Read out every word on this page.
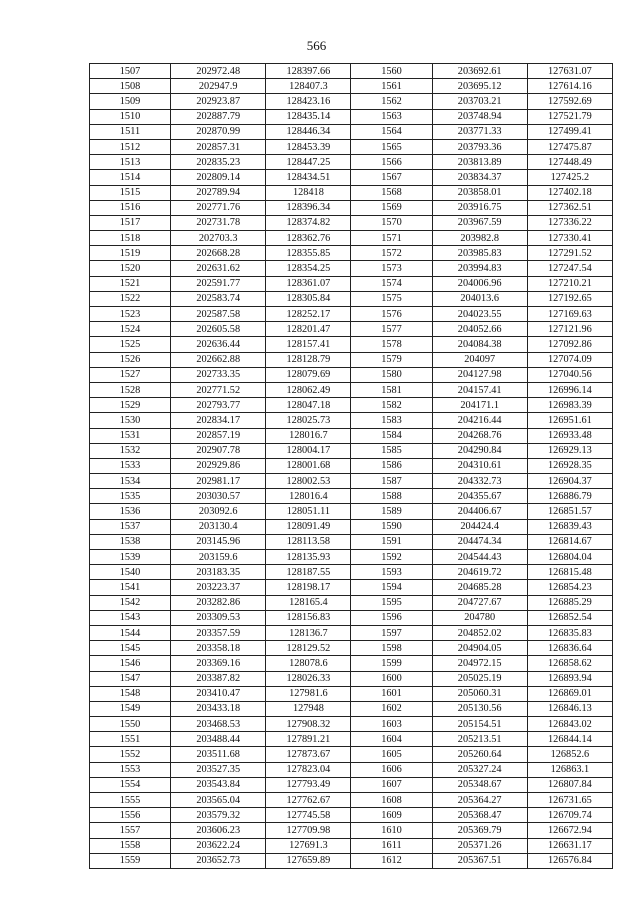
566
1507	202972.48	128397.66	1560	203692.61	127631.07
1508	202947.9	128407.3	1561	203695.12	127614.16
1509	202923.87	128423.16	1562	203703.21	127592.69
1510	202887.79	128435.14	1563	203748.94	127521.79
1511	202870.99	128446.34	1564	203771.33	127499.41
1512	202857.31	128453.39	1565	203793.36	127475.87
1513	202835.23	128447.25	1566	203813.89	127448.49
1514	202809.14	128434.51	1567	203834.37	127425.2
1515	202789.94	128418	1568	203858.01	127402.18
1516	202771.76	128396.34	1569	203916.75	127362.51
1517	202731.78	128374.82	1570	203967.59	127336.22
1518	202703.3	128362.76	1571	203982.8	127330.41
1519	202668.28	128355.85	1572	203985.83	127291.52
1520	202631.62	128354.25	1573	203994.83	127247.54
1521	202591.77	128361.07	1574	204006.96	127210.21
1522	202583.74	128305.84	1575	204013.6	127192.65
1523	202587.58	128252.17	1576	204023.55	127169.63
1524	202605.58	128201.47	1577	204052.66	127121.96
1525	202636.44	128157.41	1578	204084.38	127092.86
1526	202662.88	128128.79	1579	204097	127074.09
1527	202733.35	128079.69	1580	204127.98	127040.56
1528	202771.52	128062.49	1581	204157.41	126996.14
1529	202793.77	128047.18	1582	204171.1	126983.39
1530	202834.17	128025.73	1583	204216.44	126951.61
1531	202857.19	128016.7	1584	204268.76	126933.48
1532	202907.78	128004.17	1585	204290.84	126929.13
1533	202929.86	128001.68	1586	204310.61	126928.35
1534	202981.17	128002.53	1587	204332.73	126904.37
1535	203030.57	128016.4	1588	204355.67	126886.79
1536	203092.6	128051.11	1589	204406.67	126851.57
1537	203130.4	128091.49	1590	204424.4	126839.43
1538	203145.96	128113.58	1591	204474.34	126814.67
1539	203159.6	128135.93	1592	204544.43	126804.04
1540	203183.35	128187.55	1593	204619.72	126815.48
1541	203223.37	128198.17	1594	204685.28	126854.23
1542	203282.86	128165.4	1595	204727.67	126885.29
1543	203309.53	128156.83	1596	204780	126852.54
1544	203357.59	128136.7	1597	204852.02	126835.83
1545	203358.18	128129.52	1598	204904.05	126836.64
1546	203369.16	128078.6	1599	204972.15	126858.62
1547	203387.82	128026.33	1600	205025.19	126893.94
1548	203410.47	127981.6	1601	205060.31	126869.01
1549	203433.18	127948	1602	205130.56	126846.13
1550	203468.53	127908.32	1603	205154.51	126843.02
1551	203488.44	127891.21	1604	205213.51	126844.14
1552	203511.68	127873.67	1605	205260.64	126852.6
1553	203527.35	127823.04	1606	205327.24	126863.1
1554	203543.84	127793.49	1607	205348.67	126807.84
1555	203565.04	127762.67	1608	205364.27	126731.65
1556	203579.32	127745.58	1609	205368.47	126709.74
1557	203606.23	127709.98	1610	205369.79	126672.94
1558	203622.24	127691.3	1611	205371.26	126631.17
1559	203652.73	127659.89	1612	205367.51	126576.84
